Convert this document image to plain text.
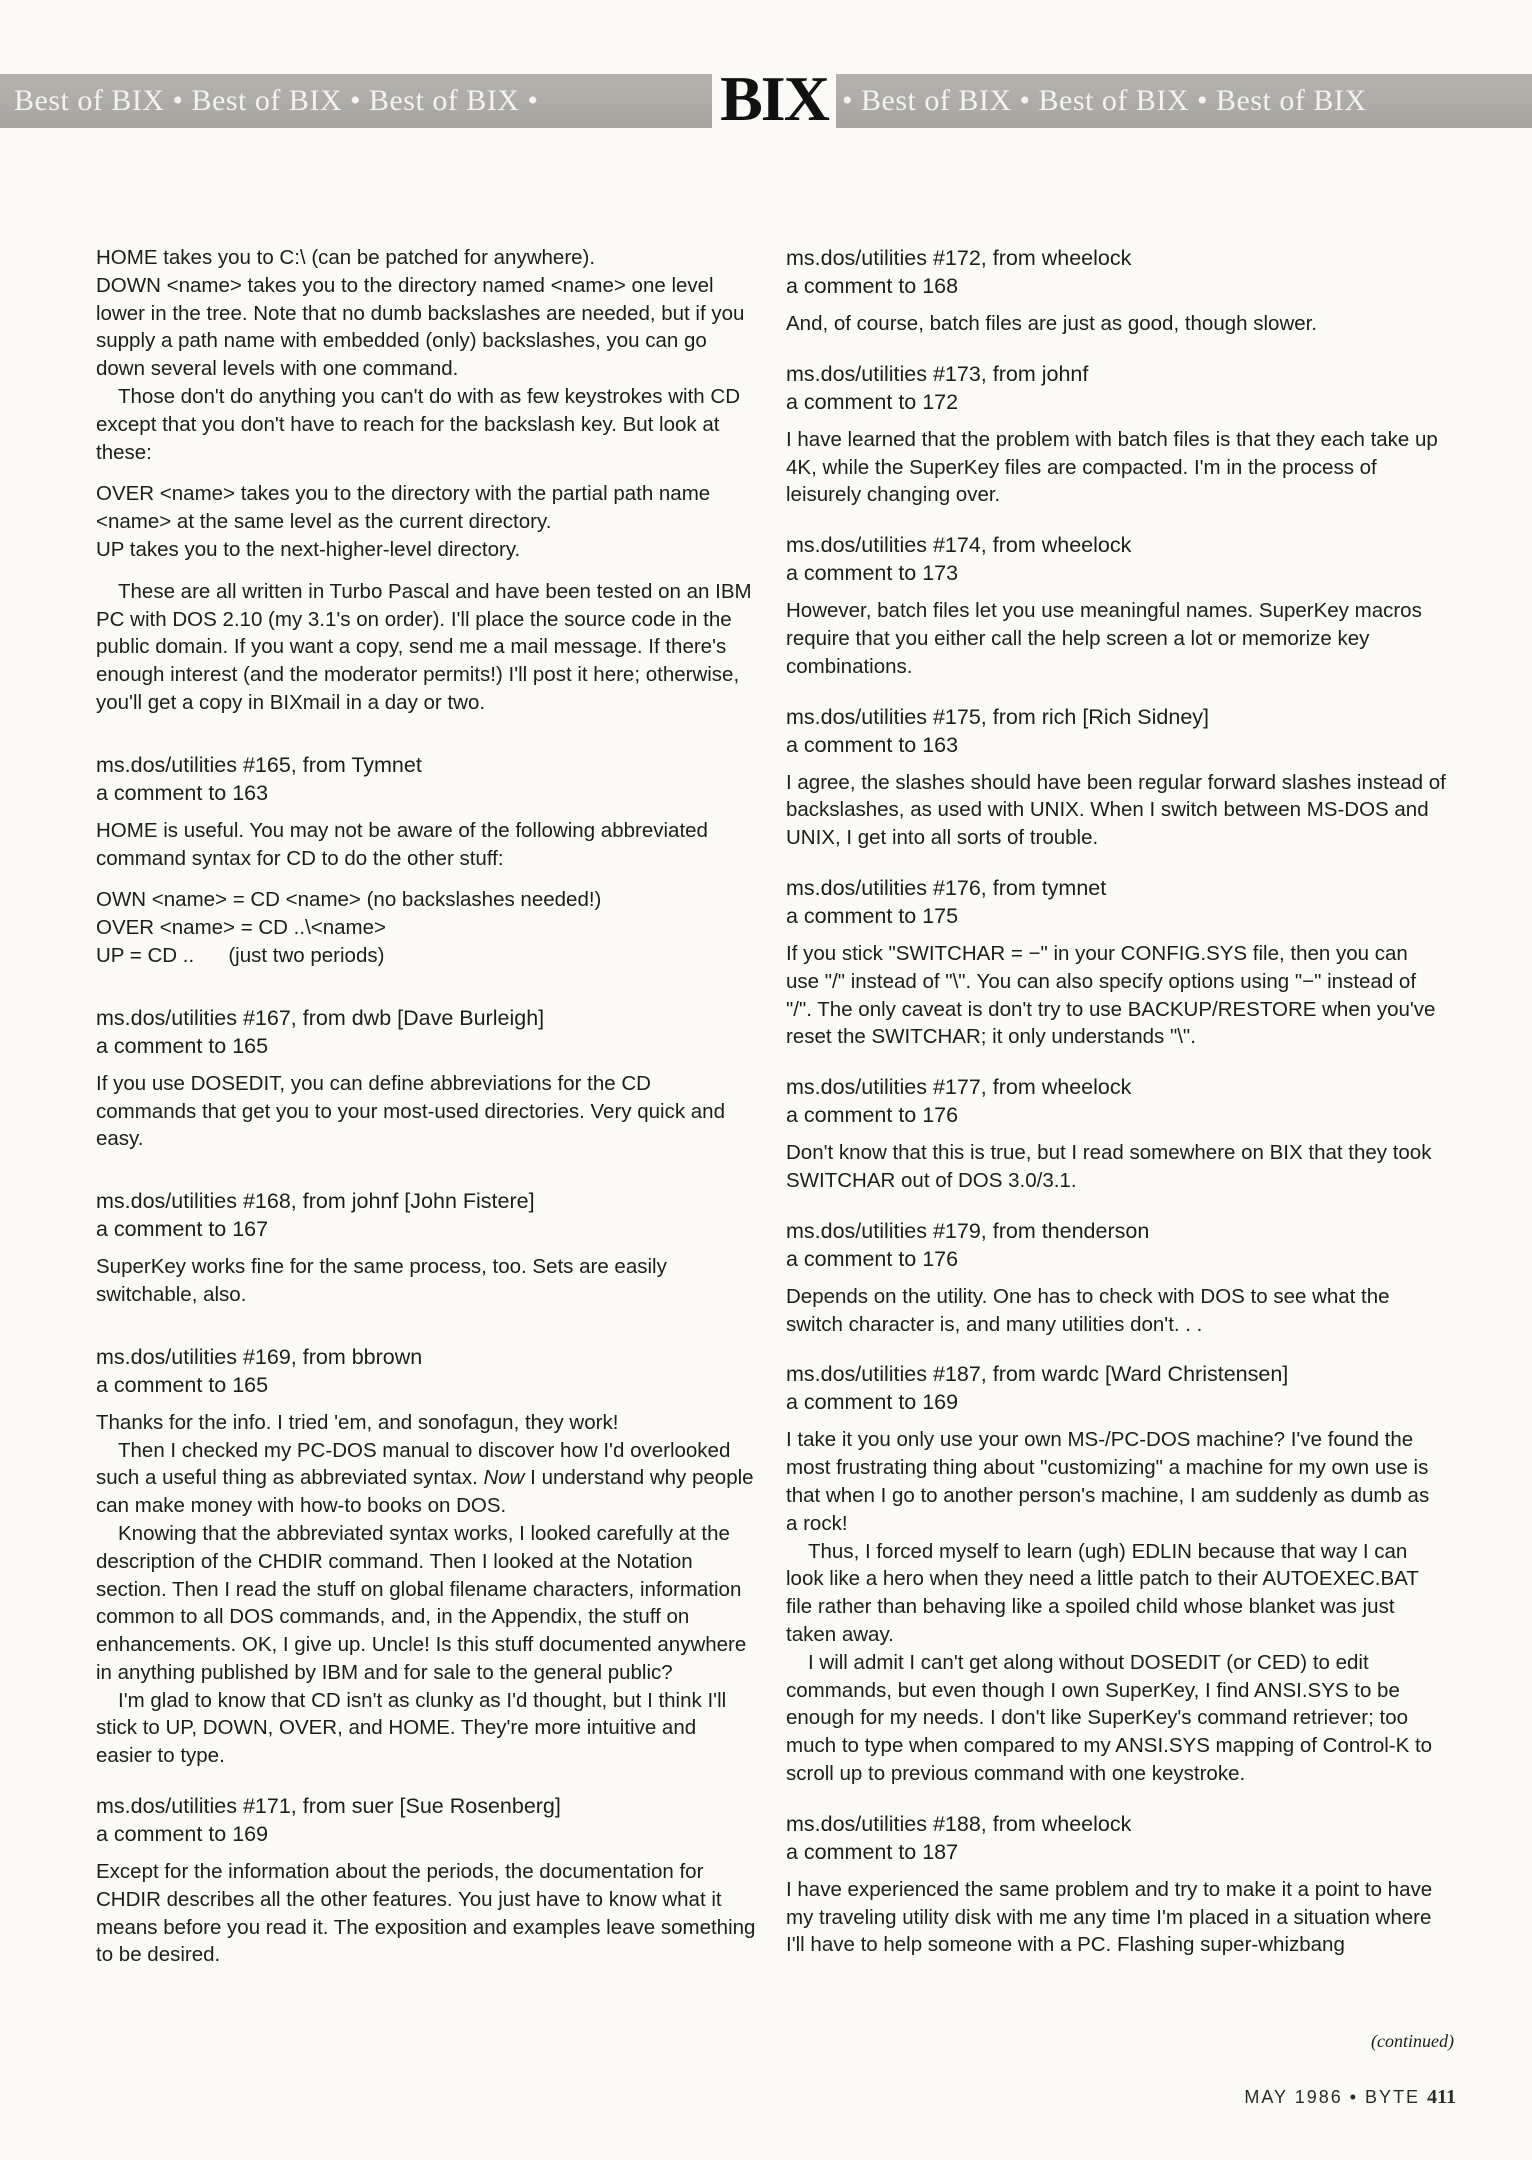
Best of BIX • Best of BIX • Best of BIX •	• Best of BIX • Best of BIX • Best of BIX
BIX

HOME takes you to C:\ (can be patched for anywhere).

DOWN <name> takes you to the directory named <name> one level lower in the tree. Note that no dumb backslashes are needed, but if you supply a path name with embedded (only) backslashes, you can go down several levels with one command.

Those don't do anything you can't do with as few keystrokes with CD except that you don't have to reach for the backslash key. But look at these:

OVER <name> takes you to the directory with the partial path name <name> at the same level as the current directory.

UP takes you to the next-higher-level directory.

These are all written in Turbo Pascal and have been tested on an IBM PC with DOS 2.10 (my 3.1's on order). I'll place the source code in the public domain. If you want a copy, send me a mail message. If there's enough interest (and the moderator permits!) I'll post it here; otherwise, you'll get a copy in BIXmail in a day or two.

ms.dos/utilities #165, from Tymnet

a comment to 163

HOME is useful. You may not be aware of the following abbreviated command syntax for CD to do the other stuff:

OWN <name> = CD <name> (no backslashes needed!)

OVER <name> = CD ..\<name>

UP = CD ..      (just two periods)

ms.dos/utilities #167, from dwb [Dave Burleigh]

a comment to 165

If you use DOSEDIT, you can define abbreviations for the CD commands that get you to your most-used directories. Very quick and easy.

ms.dos/utilities #168, from johnf [John Fistere]

a comment to 167

SuperKey works fine for the same process, too. Sets are easily switchable, also.

ms.dos/utilities #169, from bbrown

a comment to 165

Thanks for the info. I tried 'em, and sonofagun, they work!

Then I checked my PC-DOS manual to discover how I'd overlooked such a useful thing as abbreviated syntax. Now I understand why people can make money with how-to books on DOS.

Knowing that the abbreviated syntax works, I looked carefully at the description of the CHDIR command. Then I looked at the Notation section. Then I read the stuff on global filename characters, information common to all DOS commands, and, in the Appendix, the stuff on enhancements. OK, I give up. Uncle! Is this stuff documented anywhere in anything published by IBM and for sale to the general public?

I'm glad to know that CD isn't as clunky as I'd thought, but I think I'll stick to UP, DOWN, OVER, and HOME. They're more intuitive and easier to type.

ms.dos/utilities #171, from suer [Sue Rosenberg]

a comment to 169

Except for the information about the periods, the documentation for CHDIR describes all the other features. You just have to know what it means before you read it. The exposition and examples leave something to be desired.

ms.dos/utilities #172, from wheelock

a comment to 168

And, of course, batch files are just as good, though slower.

ms.dos/utilities #173, from johnf

a comment to 172

I have learned that the problem with batch files is that they each take up 4K, while the SuperKey files are compacted. I'm in the process of leisurely changing over.

ms.dos/utilities #174, from wheelock

a comment to 173

However, batch files let you use meaningful names. SuperKey macros require that you either call the help screen a lot or memorize key combinations.

ms.dos/utilities #175, from rich [Rich Sidney]

a comment to 163

I agree, the slashes should have been regular forward slashes instead of backslashes, as used with UNIX. When I switch between MS-DOS and UNIX, I get into all sorts of trouble.

ms.dos/utilities #176, from tymnet

a comment to 175

If you stick "SWITCHAR = −" in your CONFIG.SYS file, then you can use "/" instead of "\". You can also specify options using "−" instead of "/". The only caveat is don't try to use BACKUP/RESTORE when you've reset the SWITCHAR; it only understands "\".

ms.dos/utilities #177, from wheelock

a comment to 176

Don't know that this is true, but I read somewhere on BIX that they took SWITCHAR out of DOS 3.0/3.1.

ms.dos/utilities #179, from thenderson

a comment to 176

Depends on the utility. One has to check with DOS to see what the switch character is, and many utilities don't. . .

ms.dos/utilities #187, from wardc [Ward Christensen]

a comment to 169

I take it you only use your own MS-/PC-DOS machine? I've found the most frustrating thing about "customizing" a machine for my own use is that when I go to another person's machine, I am suddenly as dumb as a rock!

Thus, I forced myself to learn (ugh) EDLIN because that way I can look like a hero when they need a little patch to their AUTOEXEC.BAT file rather than behaving like a spoiled child whose blanket was just taken away.

I will admit I can't get along without DOSEDIT (or CED) to edit commands, but even though I own SuperKey, I find ANSI.SYS to be enough for my needs. I don't like SuperKey's command retriever; too much to type when compared to my ANSI.SYS mapping of Control-K to scroll up to previous command with one keystroke.

ms.dos/utilities #188, from wheelock

a comment to 187

I have experienced the same problem and try to make it a point to have my traveling utility disk with me any time I'm placed in a situation where I'll have to help someone with a PC. Flashing super-whizbang

(continued)
MAY 1986 • BYTE 411
